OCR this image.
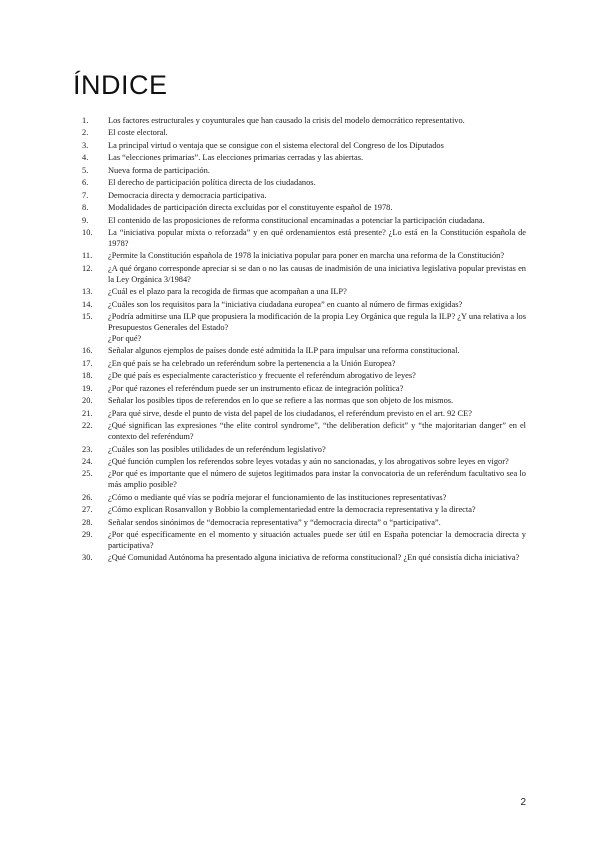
ÍNDICE
1. Los factores estructurales y coyunturales que han causado la crisis del modelo democrático representativo.
2. El coste electoral.
3. La principal virtud o ventaja que se consigue con el sistema electoral del Congreso de los Diputados
4. Las “elecciones primarias”. Las elecciones primarias cerradas y las abiertas.
5. Nueva forma de participación.
6. El derecho de participación política directa de los ciudadanos.
7. Democracia directa y democracia participativa.
8. Modalidades de participación directa excluidas por el constituyente español de 1978.
9. El contenido de las proposiciones de reforma constitucional encaminadas a potenciar la participación ciudadana.
10. La “iniciativa popular mixta o reforzada” y en qué ordenamientos está presente? ¿Lo está en la Constitución española de 1978?
11. ¿Permite la Constitución española de 1978 la iniciativa popular para poner en marcha una reforma de la Constitución?
12. ¿A qué órgano corresponde apreciar si se dan o no las causas de inadmisión de una iniciativa legislativa popular previstas en la Ley Orgánica 3/1984?
13. ¿Cuál es el plazo para la recogida de firmas que acompañan a una ILP?
14. ¿Cuáles son los requisitos para la “iniciativa ciudadana europea” en cuanto al número de firmas exigidas?
15. ¿Podría admitirse una ILP que propusiera la modificación de la propia Ley Orgánica que regula la ILP? ¿Y una relativa a los Presupuestos Generales del Estado?
¿Por qué?
16. Señalar algunos ejemplos de países donde esté admitida la ILP para impulsar una reforma constitucional.
17. ¿En qué país se ha celebrado un referéndum sobre la pertenencia a la Unión Europea?
18. ¿De qué país es especialmente característico y frecuente el referéndum abrogativo de leyes?
19. ¿Por qué razones el referéndum puede ser un instrumento eficaz de integración política?
20. Señalar los posibles tipos de referendos en lo que se refiere a las normas que son objeto de los mismos.
21. ¿Para qué sirve, desde el punto de vista del papel de los ciudadanos, el referéndum previsto en el art. 92 CE?
22. ¿Qué significan las expresiones “the elite control syndrome”, “the deliberation deficit” y “the majoritarian danger” en el contexto del referéndum?
23. ¿Cuáles son las posibles utilidades de un referéndum legislativo?
24. ¿Qué función cumplen los referendos sobre leyes votadas y aún no sancionadas, y los abrogativos sobre leyes en vigor?
25. ¿Por qué es importante que el número de sujetos legitimados para instar la convocatoria de un referéndum facultativo sea lo más amplio posible?
26. ¿Cómo o mediante qué vías se podría mejorar el funcionamiento de las instituciones representativas?
27. ¿Cómo explican Rosanvallon y Bobbio la complementariedad entre la democracia representativa y la directa?
28. Señalar sendos sinónimos de “democracia representativa” y “democracia directa” o “participativa”.
29. ¿Por qué específicamente en el momento y situación actuales puede ser útil en España potenciar la democracia directa y participativa?
30. ¿Qué Comunidad Autónoma ha presentado alguna iniciativa de reforma constitucional? ¿En qué consistía dicha iniciativa?
2
